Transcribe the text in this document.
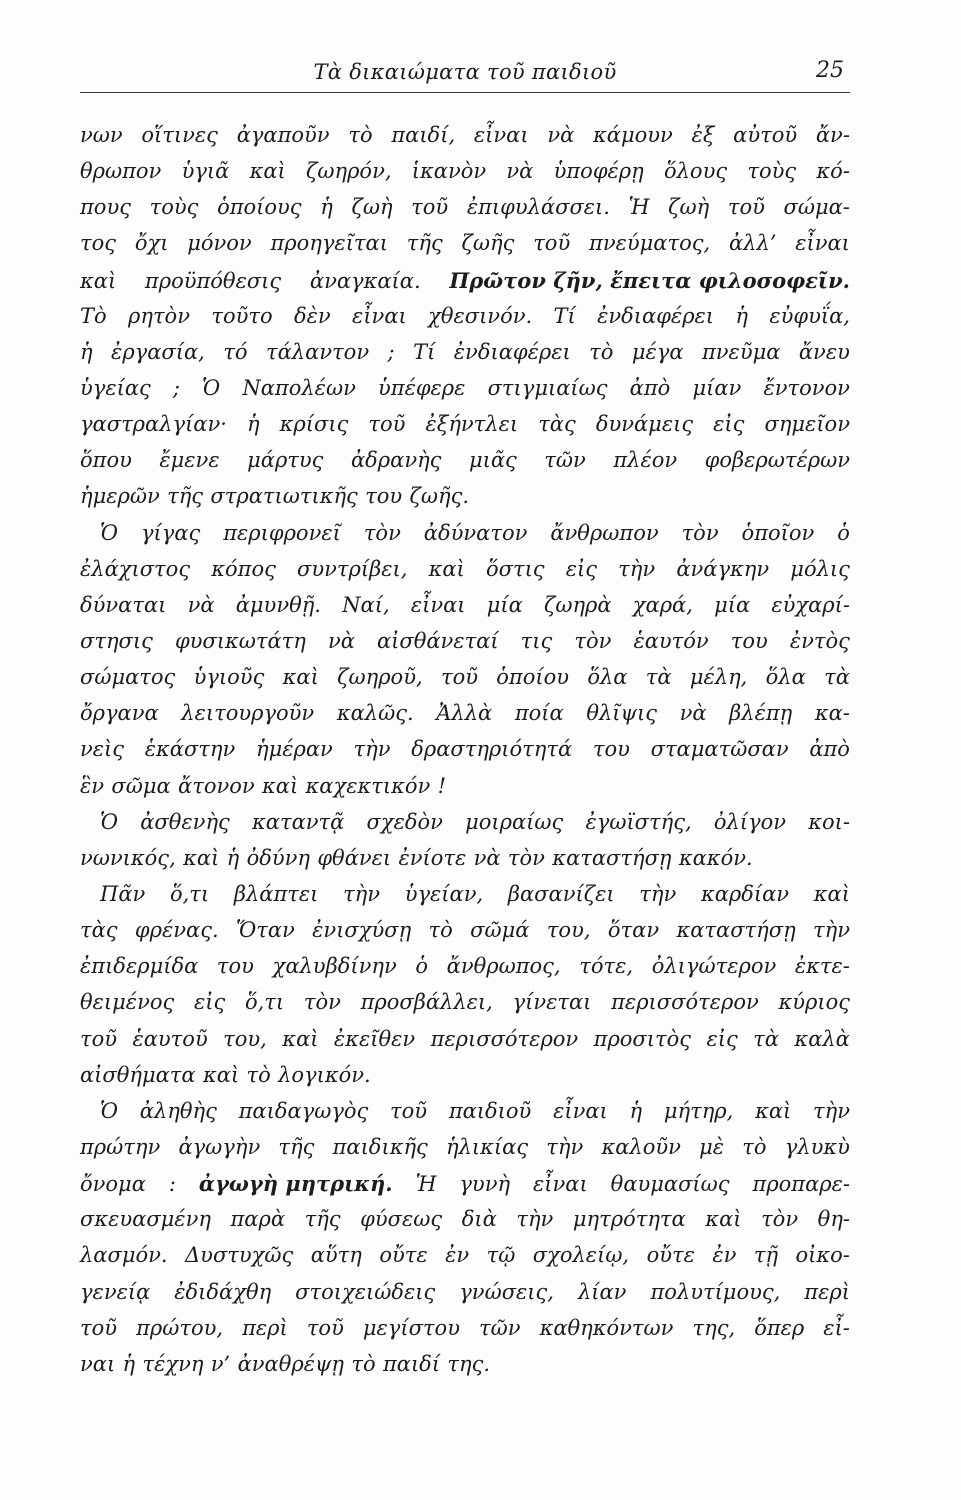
Τὰ δικαιώματα τοῦ παιδιοῦ	25
νων οἵτινες ἀγαποῦν τὸ παιδί, εἶναι νὰ κάμουν ἐξ αὐτοῦ ἄν-
θρωπον ὑγιᾶ καὶ ζωηρόν, ἱκανὸν νὰ ὑποφέρῃ ὅλους τοὺς κό-
πους τοὺς ὁποίους ἡ ζωὴ τοῦ ἐπιφυλάσσει. Ἡ ζωὴ τοῦ σώμα-
τος ὄχι μόνον προηγεῖται τῆς ζωῆς τοῦ πνεύματος, ἀλλ’ εἶναι
καὶ προϋπόθεσις ἀναγκαία. Πρῶτον ζῆν, ἔπειτα φιλοσοφεῖν.
Τὸ ρητὸν τοῦτο δὲν εἶναι χθεσινόν. Τί ἐνδιαφέρει ἡ εὐφυΐα,
ἡ ἐργασία, τό τάλαντον ; Τί ἐνδιαφέρει τὸ μέγα πνεῦμα ἄνευ
ὑγείας ; Ὁ Ναπολέων ὑπέφερε στιγμιαίως ἀπὸ μίαν ἔντονον
γαστραλγίαν· ἡ κρίσις τοῦ ἐξήντλει τὰς δυνάμεις εἰς σημεῖον
ὅπου ἔμενε μάρτυς ἀδρανὴς μιᾶς τῶν πλέον φοβερωτέρων
ἡμερῶν τῆς στρατιωτικῆς του ζωῆς.
Ὁ γίγας περιφρονεῖ τὸν ἀδύνατον ἄνθρωπον τὸν ὁποῖον ὁ
ἐλάχιστος κόπος συντρίβει, καὶ ὅστις εἰς τὴν ἀνάγκην μόλις
δύναται νὰ ἀμυνθῇ. Ναί, εἶναι μία ζωηρὰ χαρά, μία εὐχαρί-
στησις φυσικωτάτη νὰ αἰσθάνεταί τις τὸν ἑαυτόν του ἐντὸς
σώματος ὑγιοῦς καὶ ζωηροῦ, τοῦ ὁποίου ὅλα τὰ μέλη, ὅλα τὰ
ὄργανα λειτουργοῦν καλῶς. Ἀλλὰ ποία θλῖψις νὰ βλέπῃ κα-
νεὶς ἑκάστην ἡμέραν τὴν δραστηριότητά του σταματῶσαν ἀπὸ
ἓν σῶμα ἄτονον καὶ καχεκτικόν !
Ὁ ἀσθενὴς καταντᾷ σχεδὸν μοιραίως ἐγωϊστής, ὀλίγον κοι-
νωνικός, καὶ ἡ ὀδύνη φθάνει ἐνίοτε νὰ τὸν καταστήσῃ κακόν.
Πᾶν ὅ,τι βλάπτει τὴν ὑγείαν, βασανίζει τὴν καρδίαν καὶ
τὰς φρένας. Ὅταν ἐνισχύσῃ τὸ σῶμά του, ὅταν καταστήσῃ τὴν
ἐπιδερμίδα του χαλυβδίνην ὁ ἄνθρωπος, τότε, ὀλιγώτερον ἐκτε-
θειμένος εἰς ὅ,τι τὸν προσβάλλει, γίνεται περισσότερον κύριος
τοῦ ἑαυτοῦ του, καὶ ἐκεῖθεν περισσότερον προσιτὸς εἰς τὰ καλὰ
αἰσθήματα καὶ τὸ λογικόν.
Ὁ ἀληθὴς παιδαγωγὸς τοῦ παιδιοῦ εἶναι ἡ μήτηρ, καὶ τὴν
πρώτην ἀγωγὴν τῆς παιδικῆς ἡλικίας τὴν καλοῦν μὲ τὸ γλυκὺ
ὄνομα : ἀγωγὴ μητρική. Ἡ γυνὴ εἶναι θαυμασίως προπαρε-
σκευασμένη παρὰ τῆς φύσεως διὰ τὴν μητρότητα καὶ τὸν θη-
λασμόν. Δυστυχῶς αὕτη οὔτε ἐν τῷ σχολείῳ, οὔτε ἐν τῇ οἰκο-
γενείᾳ ἐδιδάχθη στοιχειώδεις γνώσεις, λίαν πολυτίμους, περὶ
τοῦ πρώτου, περὶ τοῦ μεγίστου τῶν καθηκόντων της, ὅπερ εἶ-
ναι ἡ τέχνη ν’ ἀναθρέψῃ τὸ παιδί της.
